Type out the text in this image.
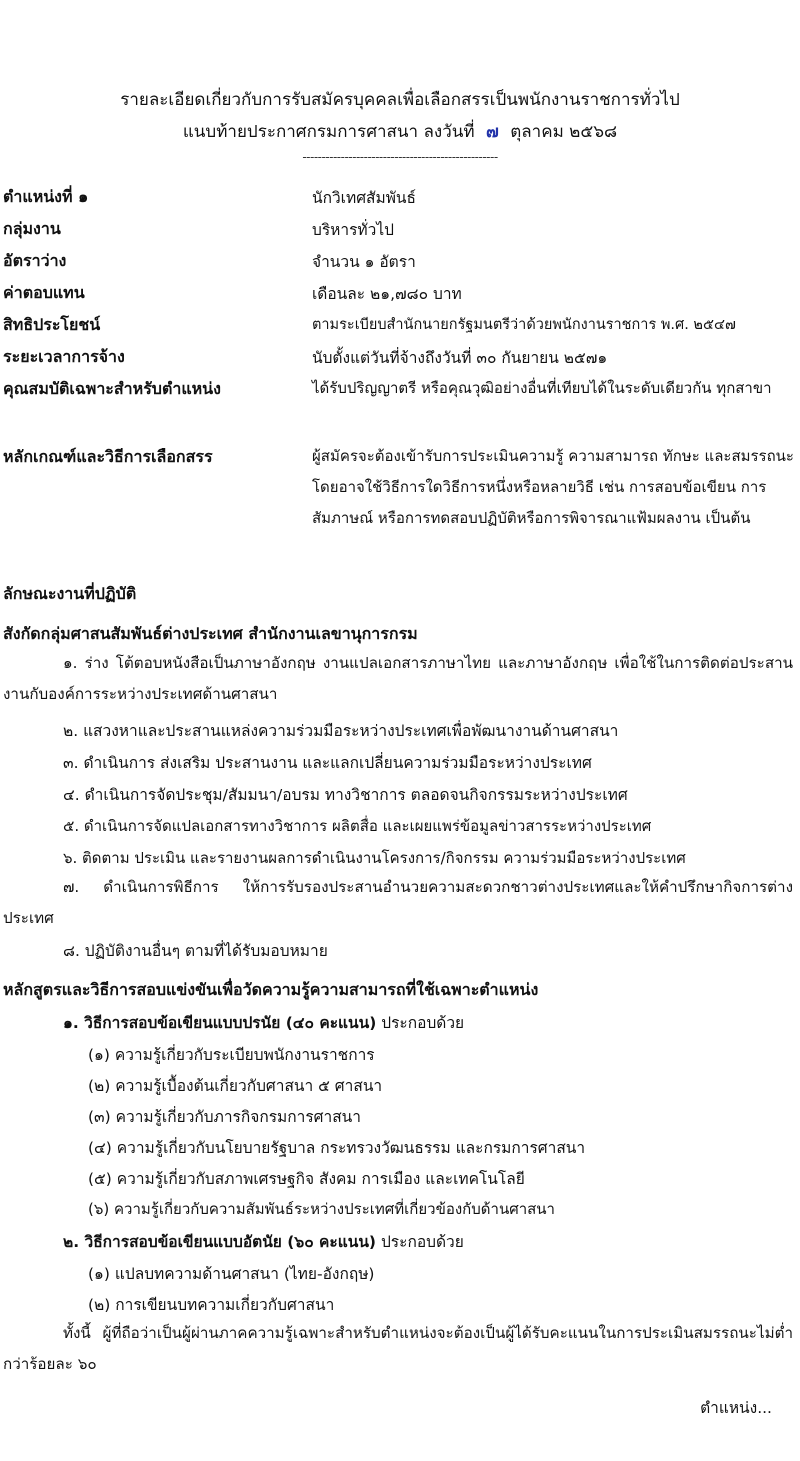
รายละเอียดเกี่ยวกับการรับสมัครบุคคลเพื่อเลือกสรรเป็นพนักงานราชการทั่วไป
แนบท้ายประกาศกรมการศาสนา ลงวันที่ ๗ ตุลาคม ๒๕๖๘
---------------------------------------------------
ตำแหน่งที่ ๑	นักวิเทศสัมพันธ์
กลุ่มงาน	บริหารทั่วไป
อัตราว่าง	จำนวน ๑ อัตรา
ค่าตอบแทน	เดือนละ ๒๑,๗๘๐ บาท
สิทธิประโยชน์	ตามระเบียบสำนักนายกรัฐมนตรีว่าด้วยพนักงานราชการ พ.ศ. ๒๕๔๗
ระยะเวลาการจ้าง	นับตั้งแต่วันที่จ้างถึงวันที่ ๓๐ กันยายน ๒๕๗๑
คุณสมบัติเฉพาะสำหรับตำแหน่ง	ได้รับปริญญาตรี หรือคุณวุฒิอย่างอื่นที่เทียบได้ในระดับเดียวกัน ทุกสาขา
หลักเกณฑ์และวิธีการเลือกสรร	ผู้สมัครจะต้องเข้ารับการประเมินความรู้ ความสามารถ ทักษะ และสมรรถนะ โดยอาจใช้วิธีการใดวิธีการหนึ่งหรือหลายวิธี เช่น การสอบข้อเขียน การสัมภาษณ์ หรือการทดสอบปฏิบัติหรือการพิจารณาแฟ้มผลงาน เป็นต้น
ลักษณะงานที่ปฏิบัติ
สังกัดกลุ่มศาสนสัมพันธ์ต่างประเทศ สำนักงานเลขานุการกรม
๑. ร่าง โต้ตอบหนังสือเป็นภาษาอังกฤษ งานแปลเอกสารภาษาไทย และภาษาอังกฤษ เพื่อใช้ในการติดต่อประสานงานกับองค์การระหว่างประเทศด้านศาสนา
๒. แสวงหาและประสานแหล่งความร่วมมือระหว่างประเทศเพื่อพัฒนางานด้านศาสนา
๓. ดำเนินการ ส่งเสริม ประสานงาน และแลกเปลี่ยนความร่วมมือระหว่างประเทศ
๔. ดำเนินการจัดประชุม/สัมมนา/อบรม ทางวิชาการ ตลอดจนกิจกรรมระหว่างประเทศ
๕. ดำเนินการจัดแปลเอกสารทางวิชาการ ผลิตสื่อ และเผยแพร่ข้อมูลข่าวสารระหว่างประเทศ
๖. ติดตาม ประเมิน และรายงานผลการดำเนินงานโครงการ/กิจกรรม ความร่วมมือระหว่างประเทศ
๗. ดำเนินการพิธีการ ให้การรับรองประสานอำนวยความสะดวกชาวต่างประเทศและให้คำปรึกษากิจการต่างประเทศ
๘. ปฏิบัติงานอื่นๆ ตามที่ได้รับมอบหมาย
หลักสูตรและวิธีการสอบแข่งขันเพื่อวัดความรู้ความสามารถที่ใช้เฉพาะตำแหน่ง
๑. วิธีการสอบข้อเขียนแบบปรนัย (๔๐ คะแนน) ประกอบด้วย
(๑) ความรู้เกี่ยวกับระเบียบพนักงานราชการ
(๒) ความรู้เบื้องต้นเกี่ยวกับศาสนา ๕ ศาสนา
(๓) ความรู้เกี่ยวกับภารกิจกรมการศาสนา
(๔) ความรู้เกี่ยวกับนโยบายรัฐบาล กระทรวงวัฒนธรรม และกรมการศาสนา
(๕) ความรู้เกี่ยวกับสภาพเศรษฐกิจ สังคม การเมือง และเทคโนโลยี
(๖) ความรู้เกี่ยวกับความสัมพันธ์ระหว่างประเทศที่เกี่ยวข้องกับด้านศาสนา
๒. วิธีการสอบข้อเขียนแบบอัตนัย (๖๐ คะแนน) ประกอบด้วย
(๑) แปลบทความด้านศาสนา (ไทย-อังกฤษ)
(๒) การเขียนบทความเกี่ยวกับศาสนา
ทั้งนี้ ผู้ที่ถือว่าเป็นผู้ผ่านภาคความรู้เฉพาะสำหรับตำแหน่งจะต้องเป็นผู้ได้รับคะแนนในการประเมินสมรรถนะไม่ต่ำกว่าร้อยละ ๖๐
ตำแหน่ง...
